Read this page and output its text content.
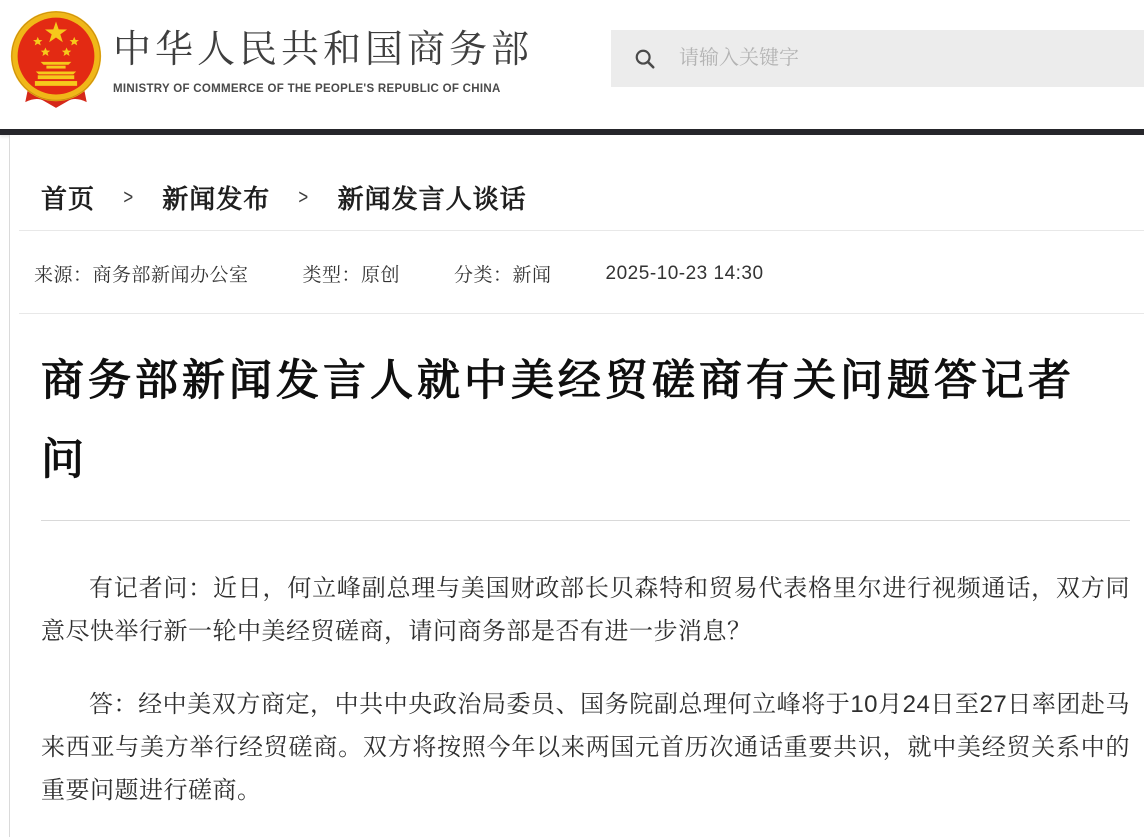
中华人民共和国商务部
MINISTRY OF COMMERCE OF THE PEOPLE'S REPUBLIC OF CHINA
请输入关键字
首页 > 新闻发布 > 新闻发言人谈话
来源：商务部新闻办公室	类型：原创	分类：新闻	2025-10-23 14:30
商务部新闻发言人就中美经贸磋商有关问题答记者问

有记者问：近日，何立峰副总理与美国财政部长贝森特和贸易代表格里尔进行视频通话，双方同意尽快举行新一轮中美经贸磋商，请问商务部是否有进一步消息？

答：经中美双方商定，中共中央政治局委员、国务院副总理何立峰将于10月24日至27日率团赴马来西亚与美方举行经贸磋商。双方将按照今年以来两国元首历次通话重要共识，就中美经贸关系中的重要问题进行磋商。
